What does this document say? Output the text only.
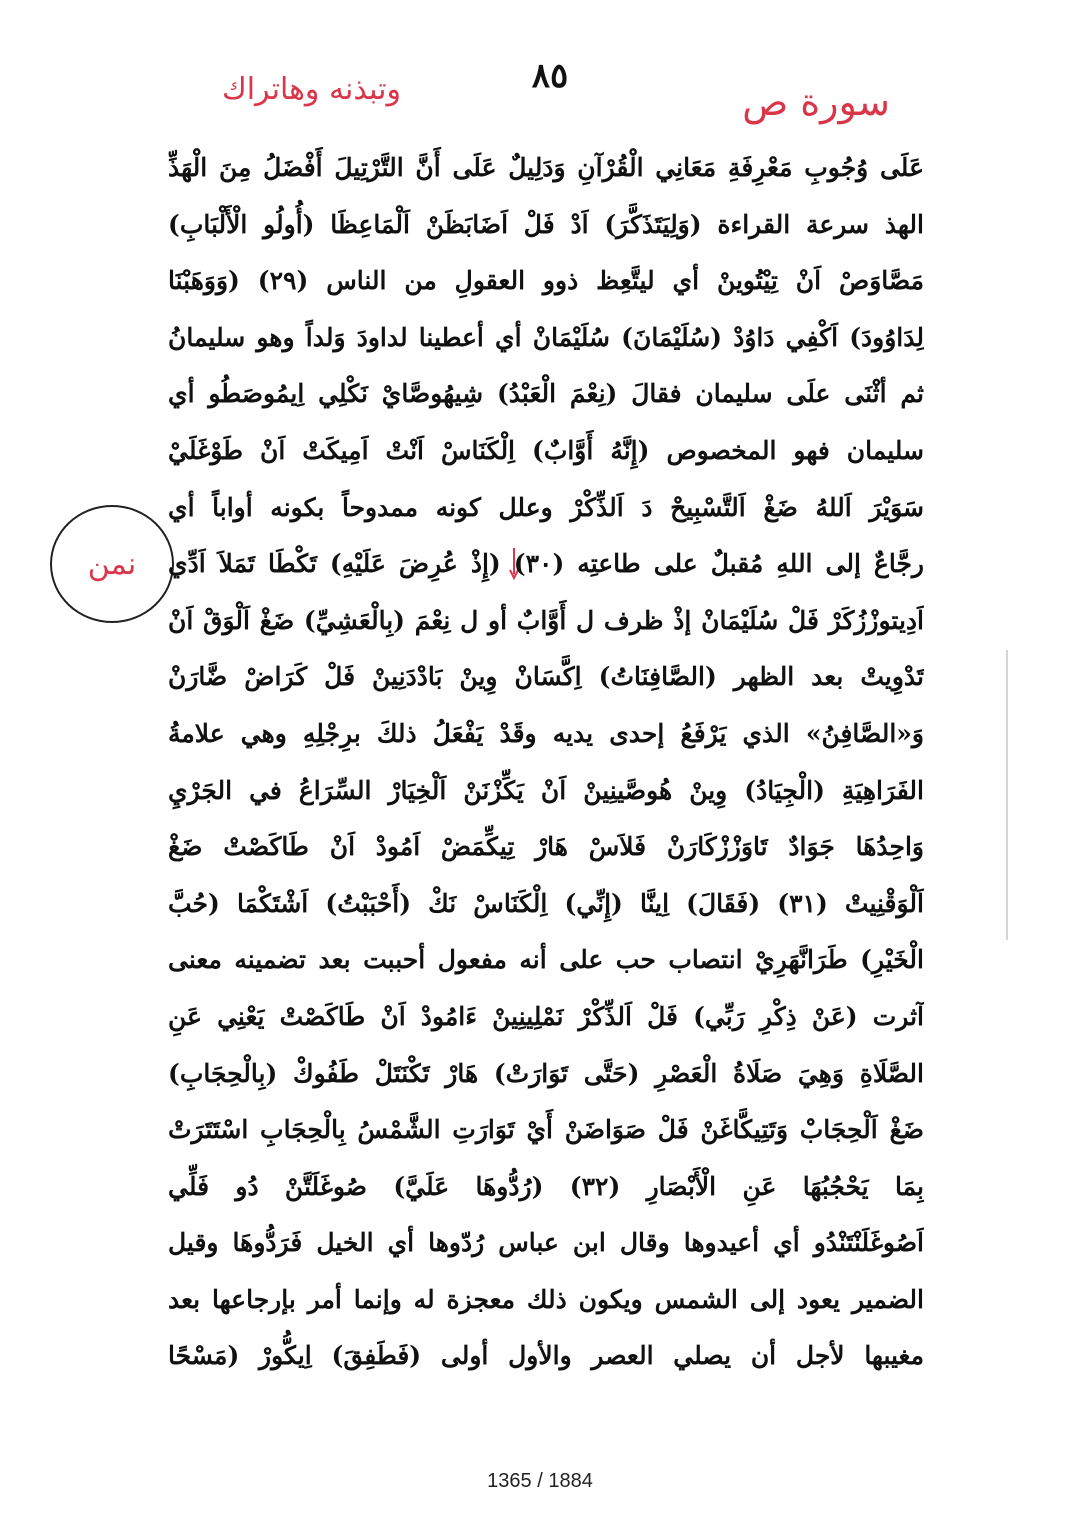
٨٥
سورة ص
وتبذنه وهاتراك
نمن
عَلَى وُجُوبِ مَعْرِفَةِ مَعَانِي الْقُرْآنِ وَدَلِيلٌ عَلَى أَنَّ التَّرْتِيلَ أَفْضَلُ مِنَ الْهَذِّ
الهذ سرعة القراءة (وَلِيَتَذَكَّرَ) اَدْ فَلْ اَضَابَظَنْ اَلْمَاعِظَا (أُولُو الْأَلْبَابِ)
مَصَّاوَصْ اَنْ تِيْتُوينْ أي ليتَّعِظ ذوو العقولِ من الناس (٢٩) (وَوَهَبْنَا
لِدَاوُودَ) اَكْفِي دَاوُدْ (سُلَيْمَانَ) سُلَيْمَانْ أي أعطينا لداودَ وَلداً وهو سليمانُ
ثم أثْنَى علَى سليمان فقالَ (نِعْمَ الْعَبْدُ) شِيهُوصَّايْ نَكْلِي اِيمُوصَطُو أي
سليمان فهو المخصوص (إِنَّهُ أَوَّابٌ) اِلْكَنَاسْ اَنْتْ اَمِيكَتْ اَنْ طَوْغَلَيْ
سَوَيْرَ اَللهُ ضَغْ اَلتَّسْبِيحْ دَ اَلذِّكْرْ وعلل كونه ممدوحاً بكونه أواباً أي
رجَّاعٌ إلى اللهِ مُقبلٌ على طاعتِه (٣٠) (إِذْ عُرِضَ عَلَيْهِ) تَكْطَا تَمَلاَ اَدِّي
اَدِيتوزْزُكَرْ فَلْ سُلَيْمَانْ إذْ ظرف ل أَوَّابٌ أو ل نِعْمَ (بِالْعَشِيِّ) ضَغْ اَلْوَقْ اَنْ
تَدْوِيتْ بعد الظهر (الصَّافِنَاتُ) اِكَّسَانْ وِينْ بَادْدَنِينْ فَلْ كَرَاضْ ضَّارَنْ
وَ«الصَّافِنُ» الذي يَرْفَعُ إحدى يديه وقَدْ يَفْعَلُ ذلكَ برِجْلِهِ وهي علامةُ
الفَرَاهِيَةِ (الْجِيَادُ) وِينْ هُوصَّينِينْ اَنْ يَكِّزْنَنْ اَلْخِيَارْ السِّرَاعُ في الجَرْيِ
وَاحِدُهَا جَوَادٌ تَاوَزْزْكَارَنْ فَلاَسْ هَارْ تِيكِّمَضْ اَمُودْ اَنْ طَاكَصْتْ ضَغْ
اَلْوَقْنِيتْ (٣١) (فَقَالَ) اِينَّا (إِنِّي) اِلْكَنَاسْ نَكْ (أَحْبَبْتُ) اَشْتَكْمَا (حُبَّ
الْخَيْرِ) طَرَانَّهَرِيْ انتصاب حب على أنه مفعول أحببت بعد تضمينه معنى
آثرت (عَنْ ذِكْرِ رَبِّي) فَلْ اَلذِّكْرْ نَمْلِينِينْ ءَامُودْ اَنْ طَاكَصْتْ يَعْنِي عَنِ
الصَّلَاةِ وَهِيَ صَلَاةُ الْعَصْرِ (حَتَّى تَوَارَتْ) هَارْ تَكْنَتَلْ طَفُوكْ (بِالْحِجَابِ)
ضَغْ اَلْحِجَابْ وَتَتِيكَّاغَنْ فَلْ صَوَاضَنْ أَيْ تَوَارَتِ الشَّمْسُ بِالْحِجَابِ اسْتَتَرَتْ
بِمَا يَحْجُبُهَا عَنِ الْأَبْصَارِ (٣٢) (رُدُّوهَا عَلَيَّ) صُوغَلَتَّنْ دُو فَلِّي
اَصُوغَلَنْتَنْدُو أي أعيدوها وقال ابن عباس رُدّوها أي الخيل فَرَدُّوهَا وقيل
الضمير يعود إلى الشمس ويكون ذلك معجزة له وإنما أمر بإرجاعها بعد
مغيبها لأجل أن يصلي العصر والأول أولى (فَطَفِقَ) اِيكُّورْ (مَسْحًا
1365 / 1884
